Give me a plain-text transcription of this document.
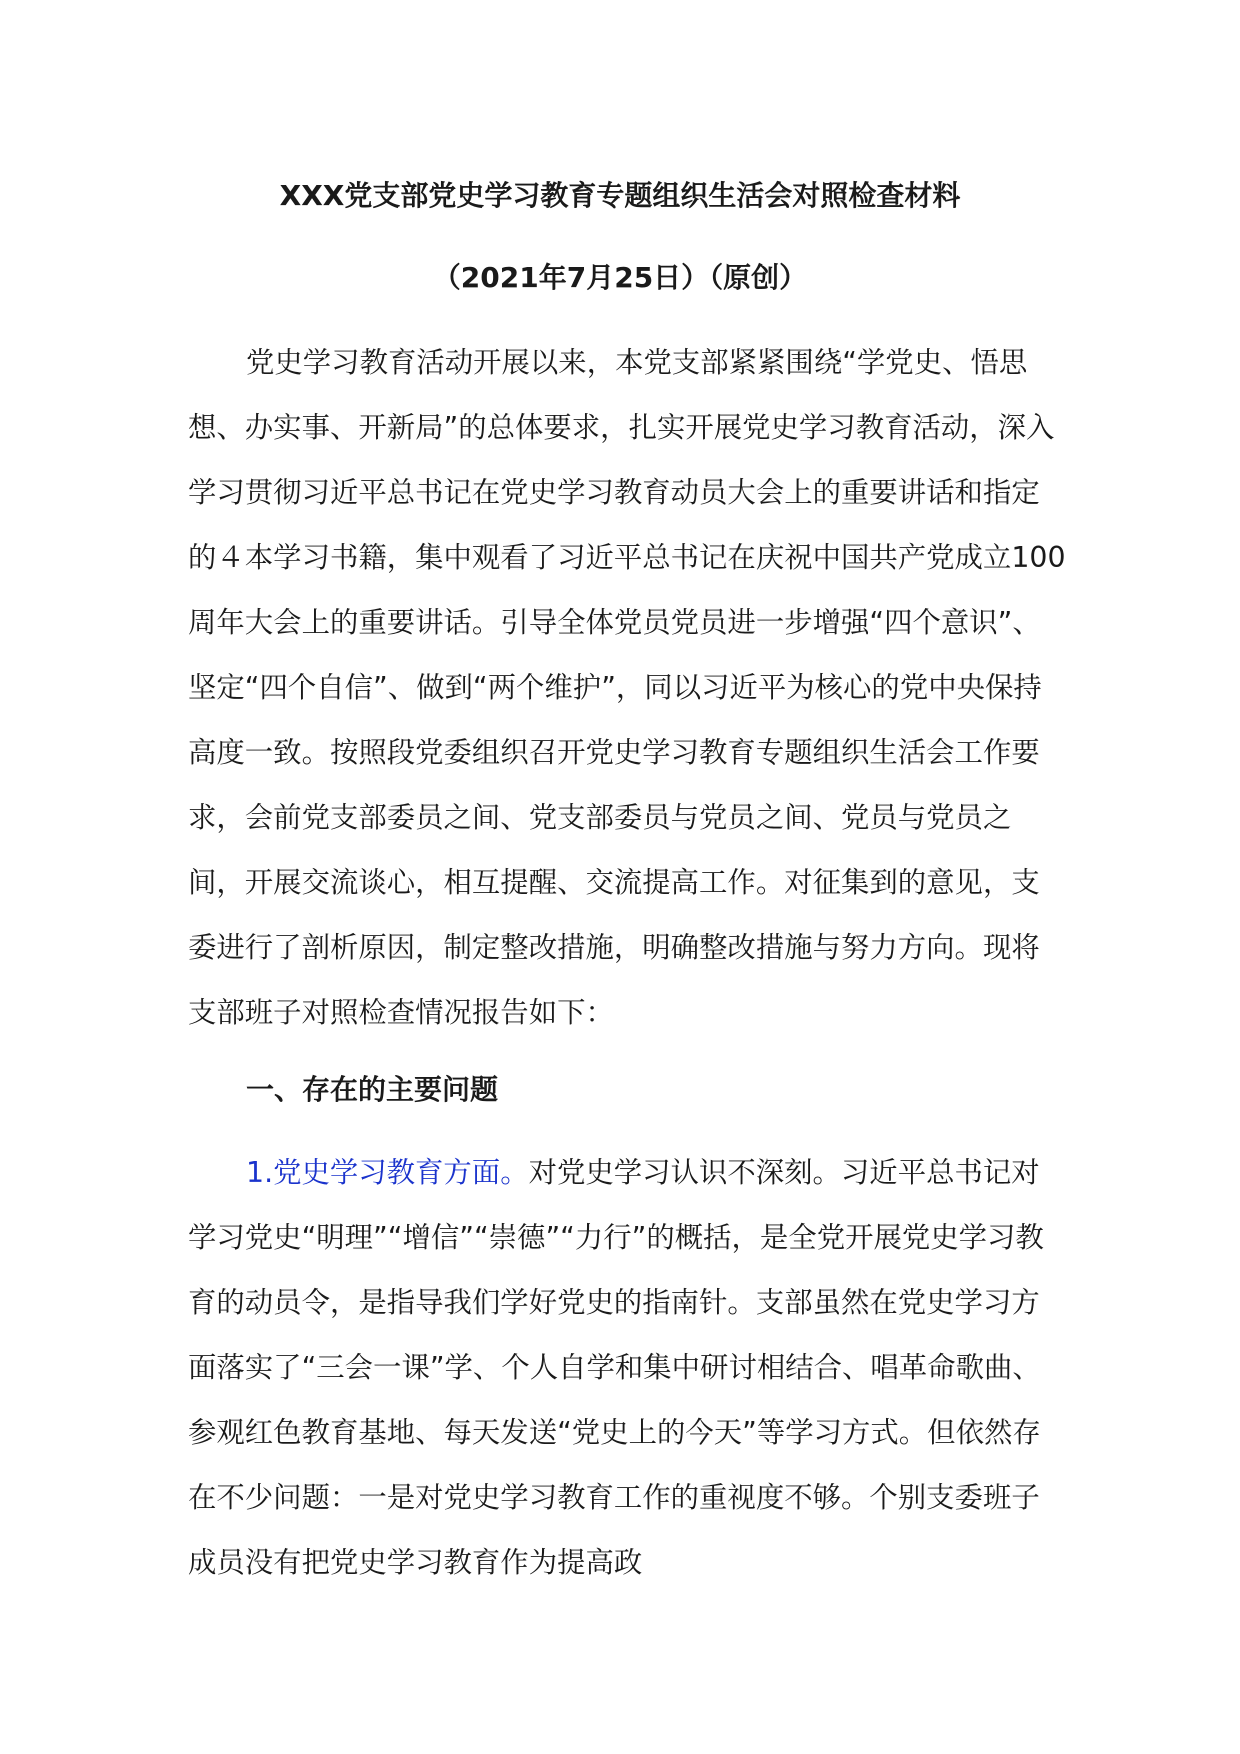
XXX党支部党史学习教育专题组织生活会对照检查材料
（2021年7月25日）（原创）
党史学习教育活动开展以来，本党支部紧紧围绕“学党史、悟思想、办实事、开新局”的总体要求，扎实开展党史学习教育活动，深入学习贯彻习近平总书记在党史学习教育动员大会上的重要讲话和指定的４本学习书籍，集中观看了习近平总书记在庆祝中国共产党成立100周年大会上的重要讲话。引导全体党员党员进一步增强“四个意识”、坚定“四个自信”、做到“两个维护”，同以习近平为核心的党中央保持高度一致。按照段党委组织召开党史学习教育专题组织生活会工作要求，会前党支部委员之间、党支部委员与党员之间、党员与党员之间，开展交流谈心，相互提醒、交流提高工作。对征集到的意见，支委进行了剖析原因，制定整改措施，明确整改措施与努力方向。现将支部班子对照检查情况报告如下：
一、存在的主要问题
1.党史学习教育方面。对党史学习认识不深刻。习近平总书记对学习党史“明理”“增信”“崇德”“力行”的概括，是全党开展党史学习教育的动员令，是指导我们学好党史的指南针。支部虽然在党史学习方面落实了“三会一课”学、个人自学和集中研讨相结合、唱革命歌曲、参观红色教育基地、每天发送“党史上的今天”等学习方式。但依然存在不少问题：一是对党史学习教育工作的重视度不够。个别支委班子成员没有把党史学习教育作为提高政
